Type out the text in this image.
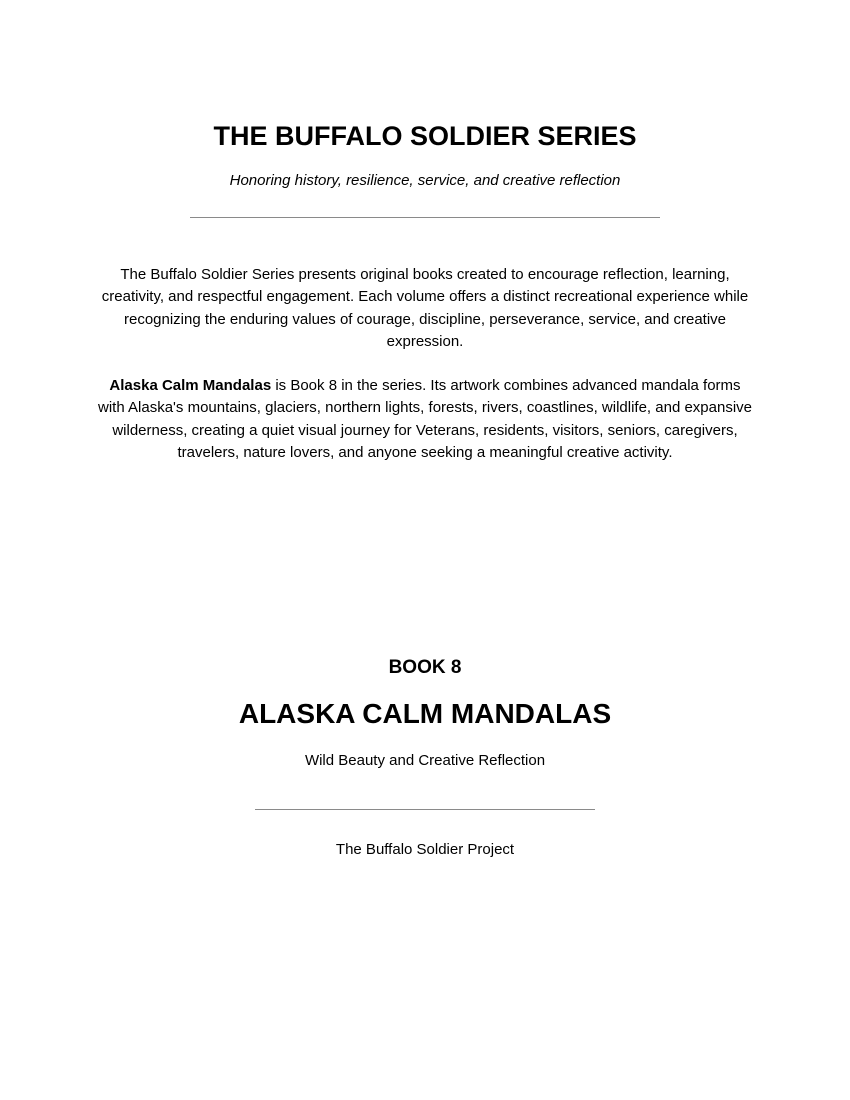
THE BUFFALO SOLDIER SERIES

Honoring history, resilience, service, and creative reflection

The Buffalo Soldier Series presents original books created to encourage reflection, learning, creativity, and respectful engagement. Each volume offers a distinct recreational experience while recognizing the enduring values of courage, discipline, perseverance, service, and creative expression.

Alaska Calm Mandalas is Book 8 in the series. Its artwork combines advanced mandala forms with Alaska's mountains, glaciers, northern lights, forests, rivers, coastlines, wildlife, and expansive wilderness, creating a quiet visual journey for Veterans, residents, visitors, seniors, caregivers, travelers, nature lovers, and anyone seeking a meaningful creative activity.

BOOK 8
ALASKA CALM MANDALAS

Wild Beauty and Creative Reflection

The Buffalo Soldier Project
